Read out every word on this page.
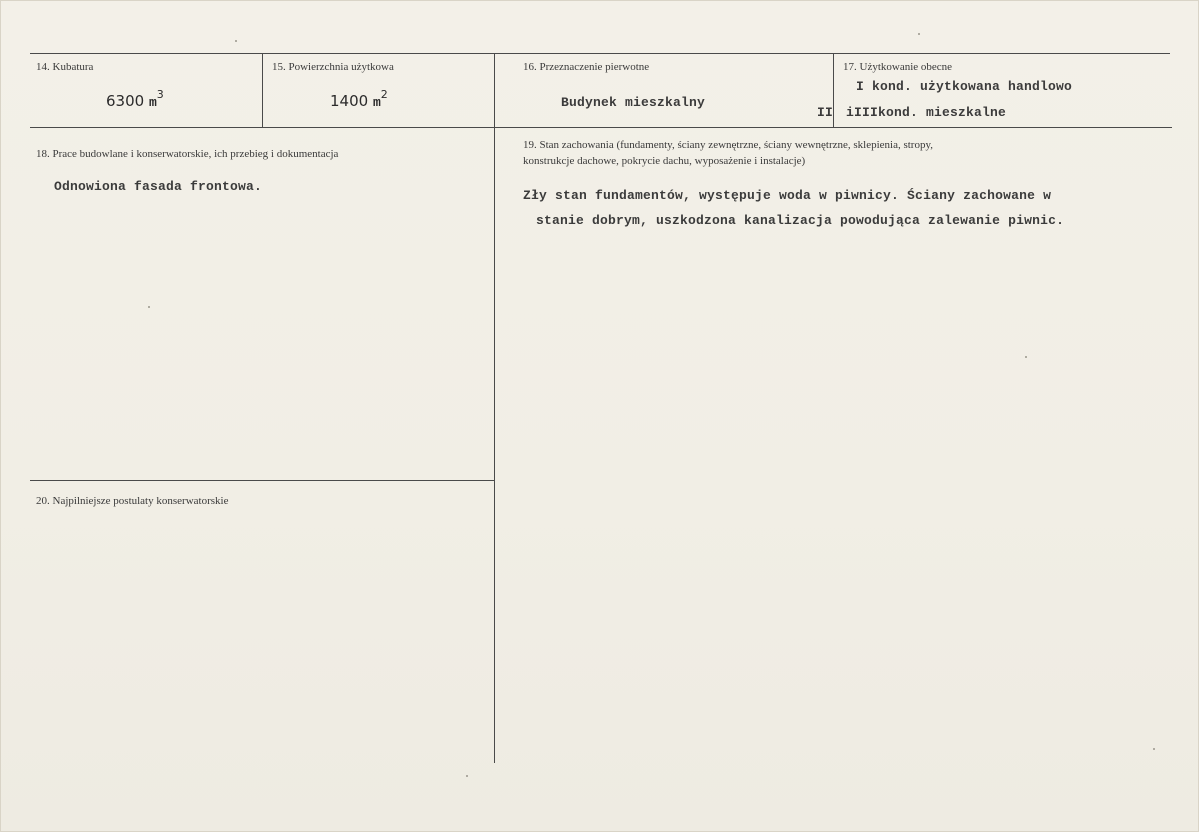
14. Kubatura
6300 $m^3$
15. Powierzchnia użytkowa
1400 $m^2$
16. Przeznaczenie pierwotne
Budynek mieszkalny
17. Użytkowanie obecne
I kond. użytkowana handlowo
II iIIIkond. mieszkalne
18. Prace budowlane i konserwatorskie, ich przebieg i dokumentacja
Odnowiona fasada frontowa.
19. Stan zachowania (fundamenty, ściany zewnętrzne, ściany wewnętrzne, sklepienia, stropy,
konstrukcje dachowe, pokrycie dachu, wyposażenie i instalacje)
Zły stan fundamentów, występuje woda w piwnicy. Ściany zachowane w
stanie dobrym, uszkodzona kanalizacja powodująca zalewanie piwnic.
20. Najpilniejsze postulaty konserwatorskie
